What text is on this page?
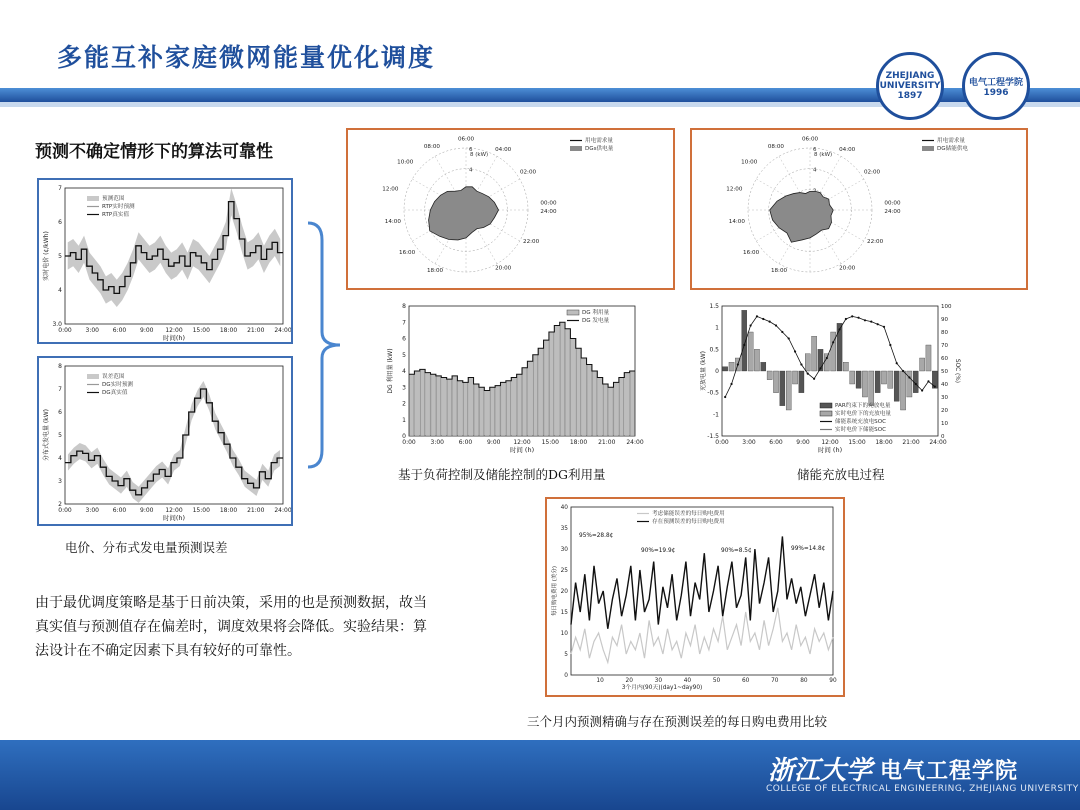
多能互补家庭微网能量优化调度
ZHEJIANG UNIVERSITY
1897
电气工程学院
1996
预测不确定情形下的算法可靠性
0:00 3:00 6:00 9:00 12:00 15:00 18:00 21:00 24:00
3.0
4
5
6
7
时间(h)
实时电价 (¢/kWh)
预测范围
RTP实时预测
RTP真实值
0:00 3:00 6:00 9:00 12:00 15:00 18:00 21:00 24:00
2
3
4
5
6
7
8
时间(h)
分布式发电量 (kW)
误差范围
DG实时预测
DG真实值
电价、分布式发电量预测误差
4
6
8 (kW)
06:00
04:00
02:00
00:00
24:00
22:00
20:00
18:00
16:00
14:00
12:00
10:00
08:00
用电需求量
DGs供电量
4
6
8 (kW)
06:00
04:00
02:00
00:00
24:00
22:00
20:00
18:00
16:00
14:00
12:00
10:00
08:00
用电需求量
DG储能供电
0:00 3:00 6:00 9:00 12:00 15:00 18:00 21:00 24:00
0
1
2
3
4
5
6
7
8
时间 (h)
DG 利用量 (kW)
DG 利用量
DG 发电量
基于负荷控制及储能控制的DG利用量
0:00 3:00 6:00 9:00 12:00 15:00 18:00 21:00 24:00
-1.5
-1
-0.5
0
0.5
1
1.5
时间 (h)
充放电量 (kW)
0
10
20
30
40
50
60
70
80
90
100
SOC (%)
PAR约束下的充放电量
实时电价下的充放电量
储能系统充放电SOC
实时电价下储能SOC
储能充放电过程
10	20	30	40	50	60	70	80	90
0
5
10
15
20
25
30
35
40
3个月内(90天)(day1~day90)
每日购电费用 (美分)
考虑储能误差的每日购电费用
存在预测误差的每日购电费用
95%=28.8¢
90%=19.9¢	90%=8.5¢	99%=14.8¢
三个月内预测精确与存在预测误差的每日购电费用比较
由于最优调度策略是基于日前决策，采用的也是预测数据，故当真实值与预测值存在偏差时，调度效果将会降低。实验结果：算法设计在不确定因素下具有较好的可靠性。
浙江大学 电气工程学院
COLLEGE OF ELECTRICAL ENGINEERING, ZHEJIANG UNIVERSITY
